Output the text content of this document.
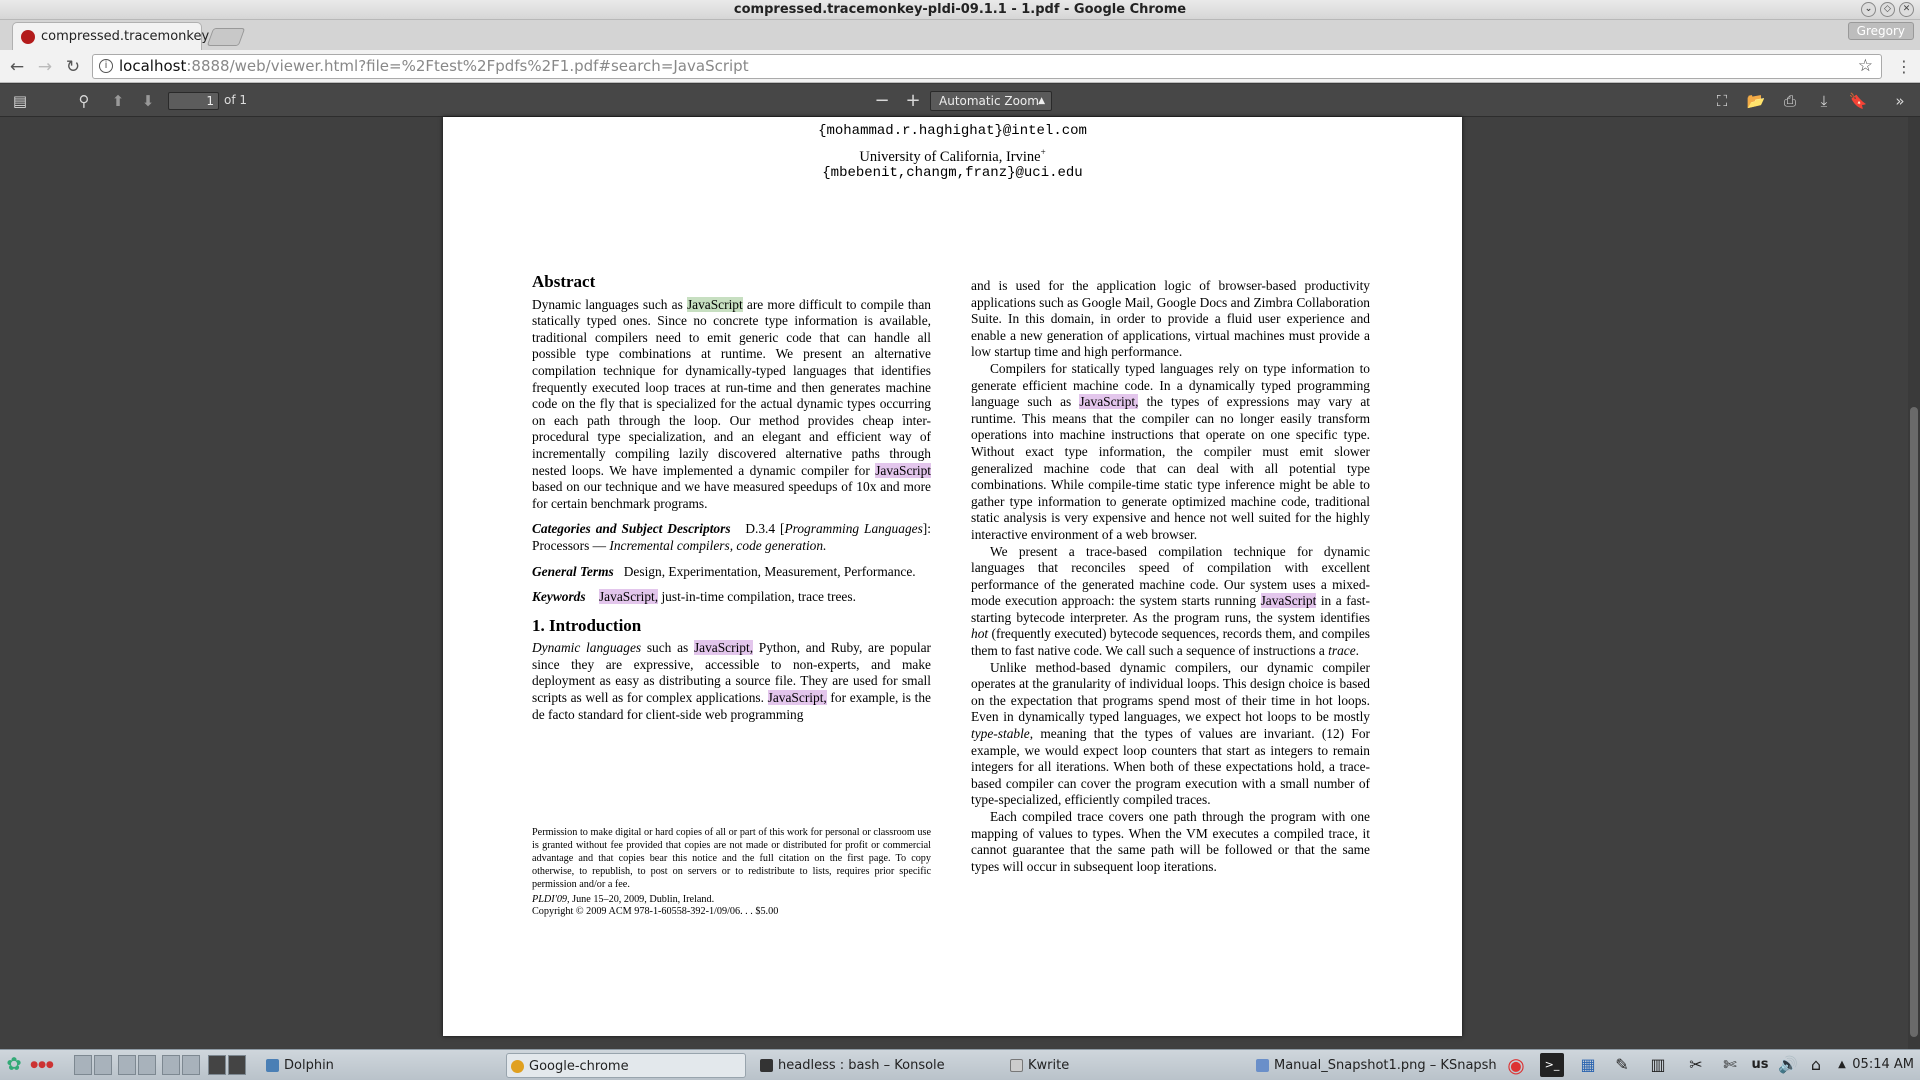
compressed.tracemonkey-pldi-09.1.1 - 1.pdf - Google Chrome	⌄	◇	✕
compressed.tracemonkey	Gregory
← → ↻	i localhost:8888/web/viewer.html?file=%2Ftest%2Fpdfs%2F1.pdf#search=JavaScript	☆ ⋮
▤	⚲	⬆ ⬇	1 of 1	− +	Automatic Zoom ▲	⛶	📂 ⎙	⤓	🔖	»
{mohammad.r.haghighat}@intel.com
University of California, Irvine+
{mbebenit,changm,franz}@uci.edu
Abstract

Dynamic languages such as JavaScript are more difficult to compile than statically typed ones. Since no concrete type information is available, traditional compilers need to emit generic code that can handle all possible type combinations at runtime. We present an alternative compilation technique for dynamically-typed languages that identifies frequently executed loop traces at run-time and then generates machine code on the fly that is specialized for the actual dynamic types occurring on each path through the loop. Our method provides cheap inter-procedural type specialization, and an elegant and efficient way of incrementally compiling lazily discovered alternative paths through nested loops. We have implemented a dynamic compiler for JavaScript based on our technique and we have measured speedups of 10x and more for certain benchmark programs.

Categories and Subject Descriptors D.3.4 [Programming Languages]: Processors — Incremental compilers, code generation.

General Terms Design, Experimentation, Measurement, Performance.

Keywords JavaScript, just-in-time compilation, trace trees.

1. Introduction

Dynamic languages such as JavaScript, Python, and Ruby, are popular since they are expressive, accessible to non-experts, and make deployment as easy as distributing a source file. They are used for small scripts as well as for complex applications. JavaScript, for example, is the de facto standard for client-side web programming

Permission to make digital or hard copies of all or part of this work for personal or classroom use is granted without fee provided that copies are not made or distributed for profit or commercial advantage and that copies bear this notice and the full citation on the first page. To copy otherwise, to republish, to post on servers or to redistribute to lists, requires prior specific permission and/or a fee.

PLDI'09, June 15–20, 2009, Dublin, Ireland.

Copyright © 2009 ACM 978-1-60558-392-1/09/06. . . $5.00

and is used for the application logic of browser-based productivity applications such as Google Mail, Google Docs and Zimbra Collaboration Suite. In this domain, in order to provide a fluid user experience and enable a new generation of applications, virtual machines must provide a low startup time and high performance.

Compilers for statically typed languages rely on type information to generate efficient machine code. In a dynamically typed programming language such as JavaScript, the types of expressions may vary at runtime. This means that the compiler can no longer easily transform operations into machine instructions that operate on one specific type. Without exact type information, the compiler must emit slower generalized machine code that can deal with all potential type combinations. While compile-time static type inference might be able to gather type information to generate optimized machine code, traditional static analysis is very expensive and hence not well suited for the highly interactive environment of a web browser.

We present a trace-based compilation technique for dynamic languages that reconciles speed of compilation with excellent performance of the generated machine code. Our system uses a mixed-mode execution approach: the system starts running JavaScript in a fast-starting bytecode interpreter. As the program runs, the system identifies hot (frequently executed) bytecode sequences, records them, and compiles them to fast native code. We call such a sequence of instructions a trace.

Unlike method-based dynamic compilers, our dynamic compiler operates at the granularity of individual loops. This design choice is based on the expectation that programs spend most of their time in hot loops. Even in dynamically typed languages, we expect hot loops to be mostly type-stable, meaning that the types of values are invariant. (12) For example, we would expect loop counters that start as integers to remain integers for all iterations. When both of these expectations hold, a trace-based compiler can cover the program execution with a small number of type-specialized, efficiently compiled traces.

Each compiled trace covers one path through the program with one mapping of values to types. When the VM executes a compiled trace, it cannot guarantee that the same path will be followed or that the same types will occur in subsequent loop iterations.

✿ ●●●	Dolphin	Google-chrome	headless : bash – Konsole	Kwrite	Manual_Snapshot1.png – KSnapsh ◉	>_ ▦	✎	▥	✂	✄	us 🔊 ⌂	▲ 05:14 AM
